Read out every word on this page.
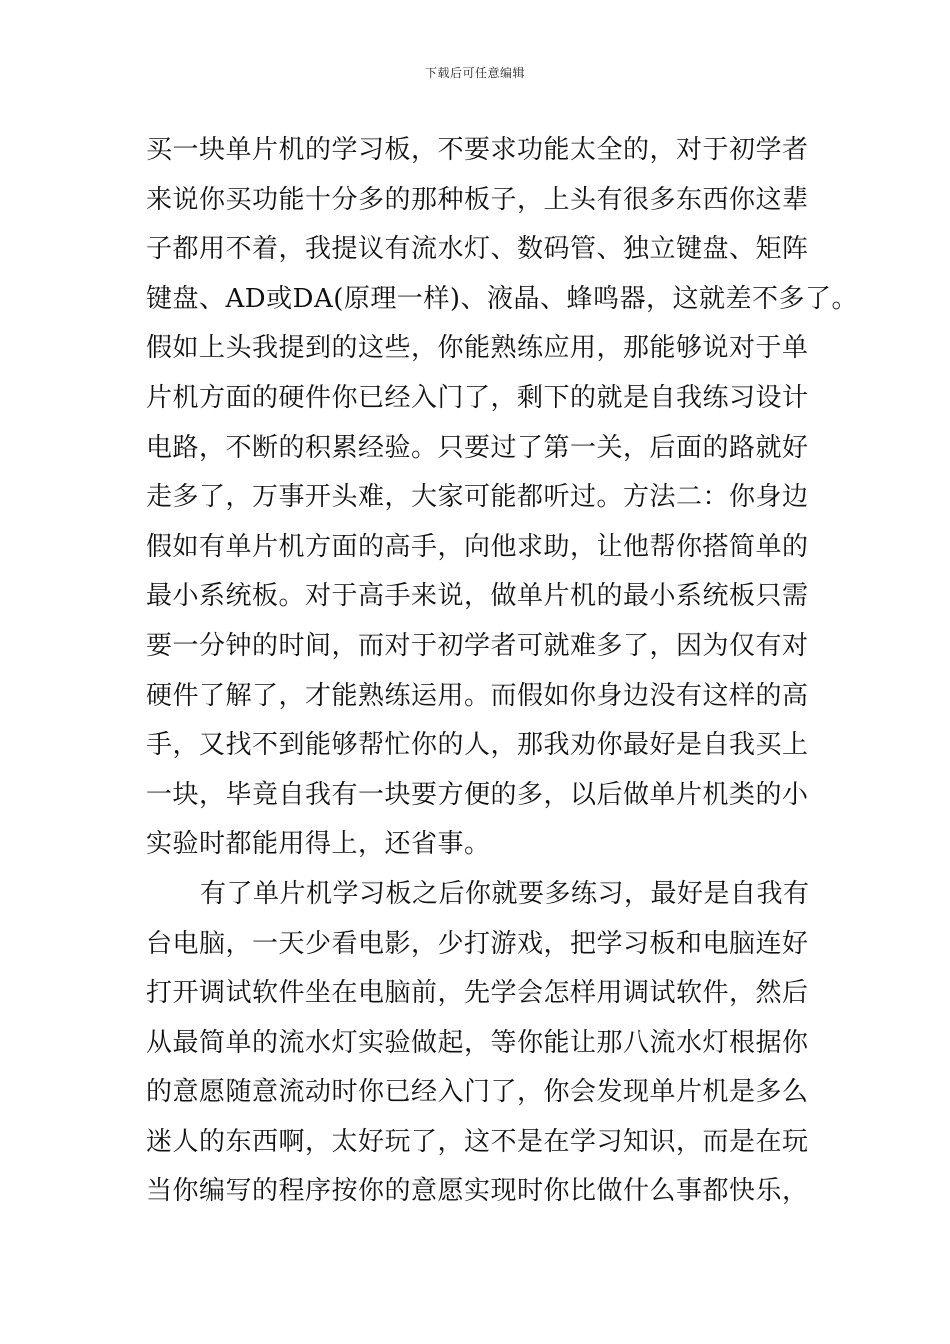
下载后可任意编辑
买一块单片机的学习板，不要求功能太全的，对于初学者
来说你买功能十分多的那种板子，上头有很多东西你这辈
子都用不着，我提议有流水灯、数码管、独立键盘、矩阵
键盘、AD或DA(原理一样)、液晶、蜂鸣器，这就差不多了。
假如上头我提到的这些，你能熟练应用，那能够说对于单
片机方面的硬件你已经入门了，剩下的就是自我练习设计
电路，不断的积累经验。只要过了第一关，后面的路就好
走多了，万事开头难，大家可能都听过。方法二：你身边
假如有单片机方面的高手，向他求助，让他帮你搭简单的
最小系统板。对于高手来说，做单片机的最小系统板只需
要一分钟的时间，而对于初学者可就难多了，因为仅有对
硬件了解了，才能熟练运用。而假如你身边没有这样的高
手，又找不到能够帮忙你的人，那我劝你最好是自我买上
一块，毕竟自我有一块要方便的多，以后做单片机类的小
实验时都能用得上，还省事。
有了单片机学习板之后你就要多练习，最好是自我有
台电脑，一天少看电影，少打游戏，把学习板和电脑连好
打开调试软件坐在电脑前，先学会怎样用调试软件，然后
从最简单的流水灯实验做起，等你能让那八流水灯根据你
的意愿随意流动时你已经入门了，你会发现单片机是多么
迷人的东西啊，太好玩了，这不是在学习知识，而是在玩
当你编写的程序按你的意愿实现时你比做什么事都快乐，
